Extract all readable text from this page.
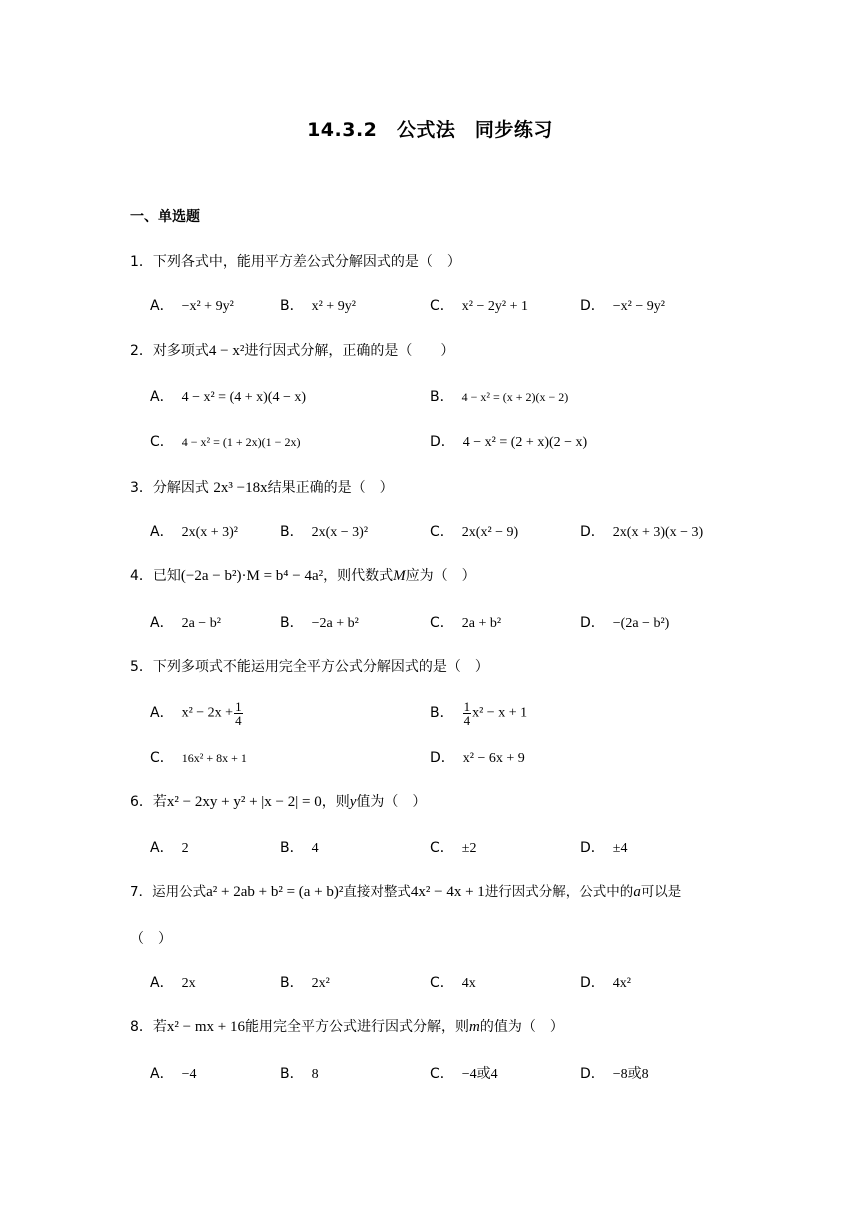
14.3.2　公式法　同步练习
一、单选题
1．下列各式中，能用平方差公式分解因式的是（　）
A． −x² + 9y²	B． x² + 9y²	C． x² − 2y² + 1	D． −x² − 9y²
2．对多项式4 − x²进行因式分解，正确的是（　　）
A． 4 − x² = (4 + x)(4 − x)	B． 4 − x² = (x + 2)(x − 2)
C． 4 − x² = (1 + 2x)(1 − 2x)	D． 4 − x² = (2 + x)(2 − x)
3．分解因式 2x³ −18x结果正确的是（　）
A． 2x(x + 3)²	B． 2x(x − 3)²	C． 2x(x² − 9)	D． 2x(x + 3)(x − 3)
4．已知(−2a − b²)·M = b⁴ − 4a²，则代数式M应为（　）
A． 2a − b²	B． −2a + b²	C． 2a + b²	D． −(2a − b²)
5．下列多项式不能运用完全平方公式分解因式的是（　）
A． $x^2 - 2x + \frac{1}{4}$	B． $\frac{1}{4} x^2 - x + 1$
C． 16x² + 8x + 1	D． x² − 6x + 9
6．若x² − 2xy + y² + |x − 2| = 0，则y值为（　）
A． 2	B． 4	C． ±2	D． ±4
7．运用公式a² + 2ab + b² = (a + b)²直接对整式4x² − 4x + 1进行因式分解，公式中的a可以是
（　）
A． 2x	B． 2x²	C． 4x	D． 4x²
8．若x² − mx + 16能用完全平方公式进行因式分解，则m的值为（　）
A． −4	B． 8	C． −4或4	D． −8或8
